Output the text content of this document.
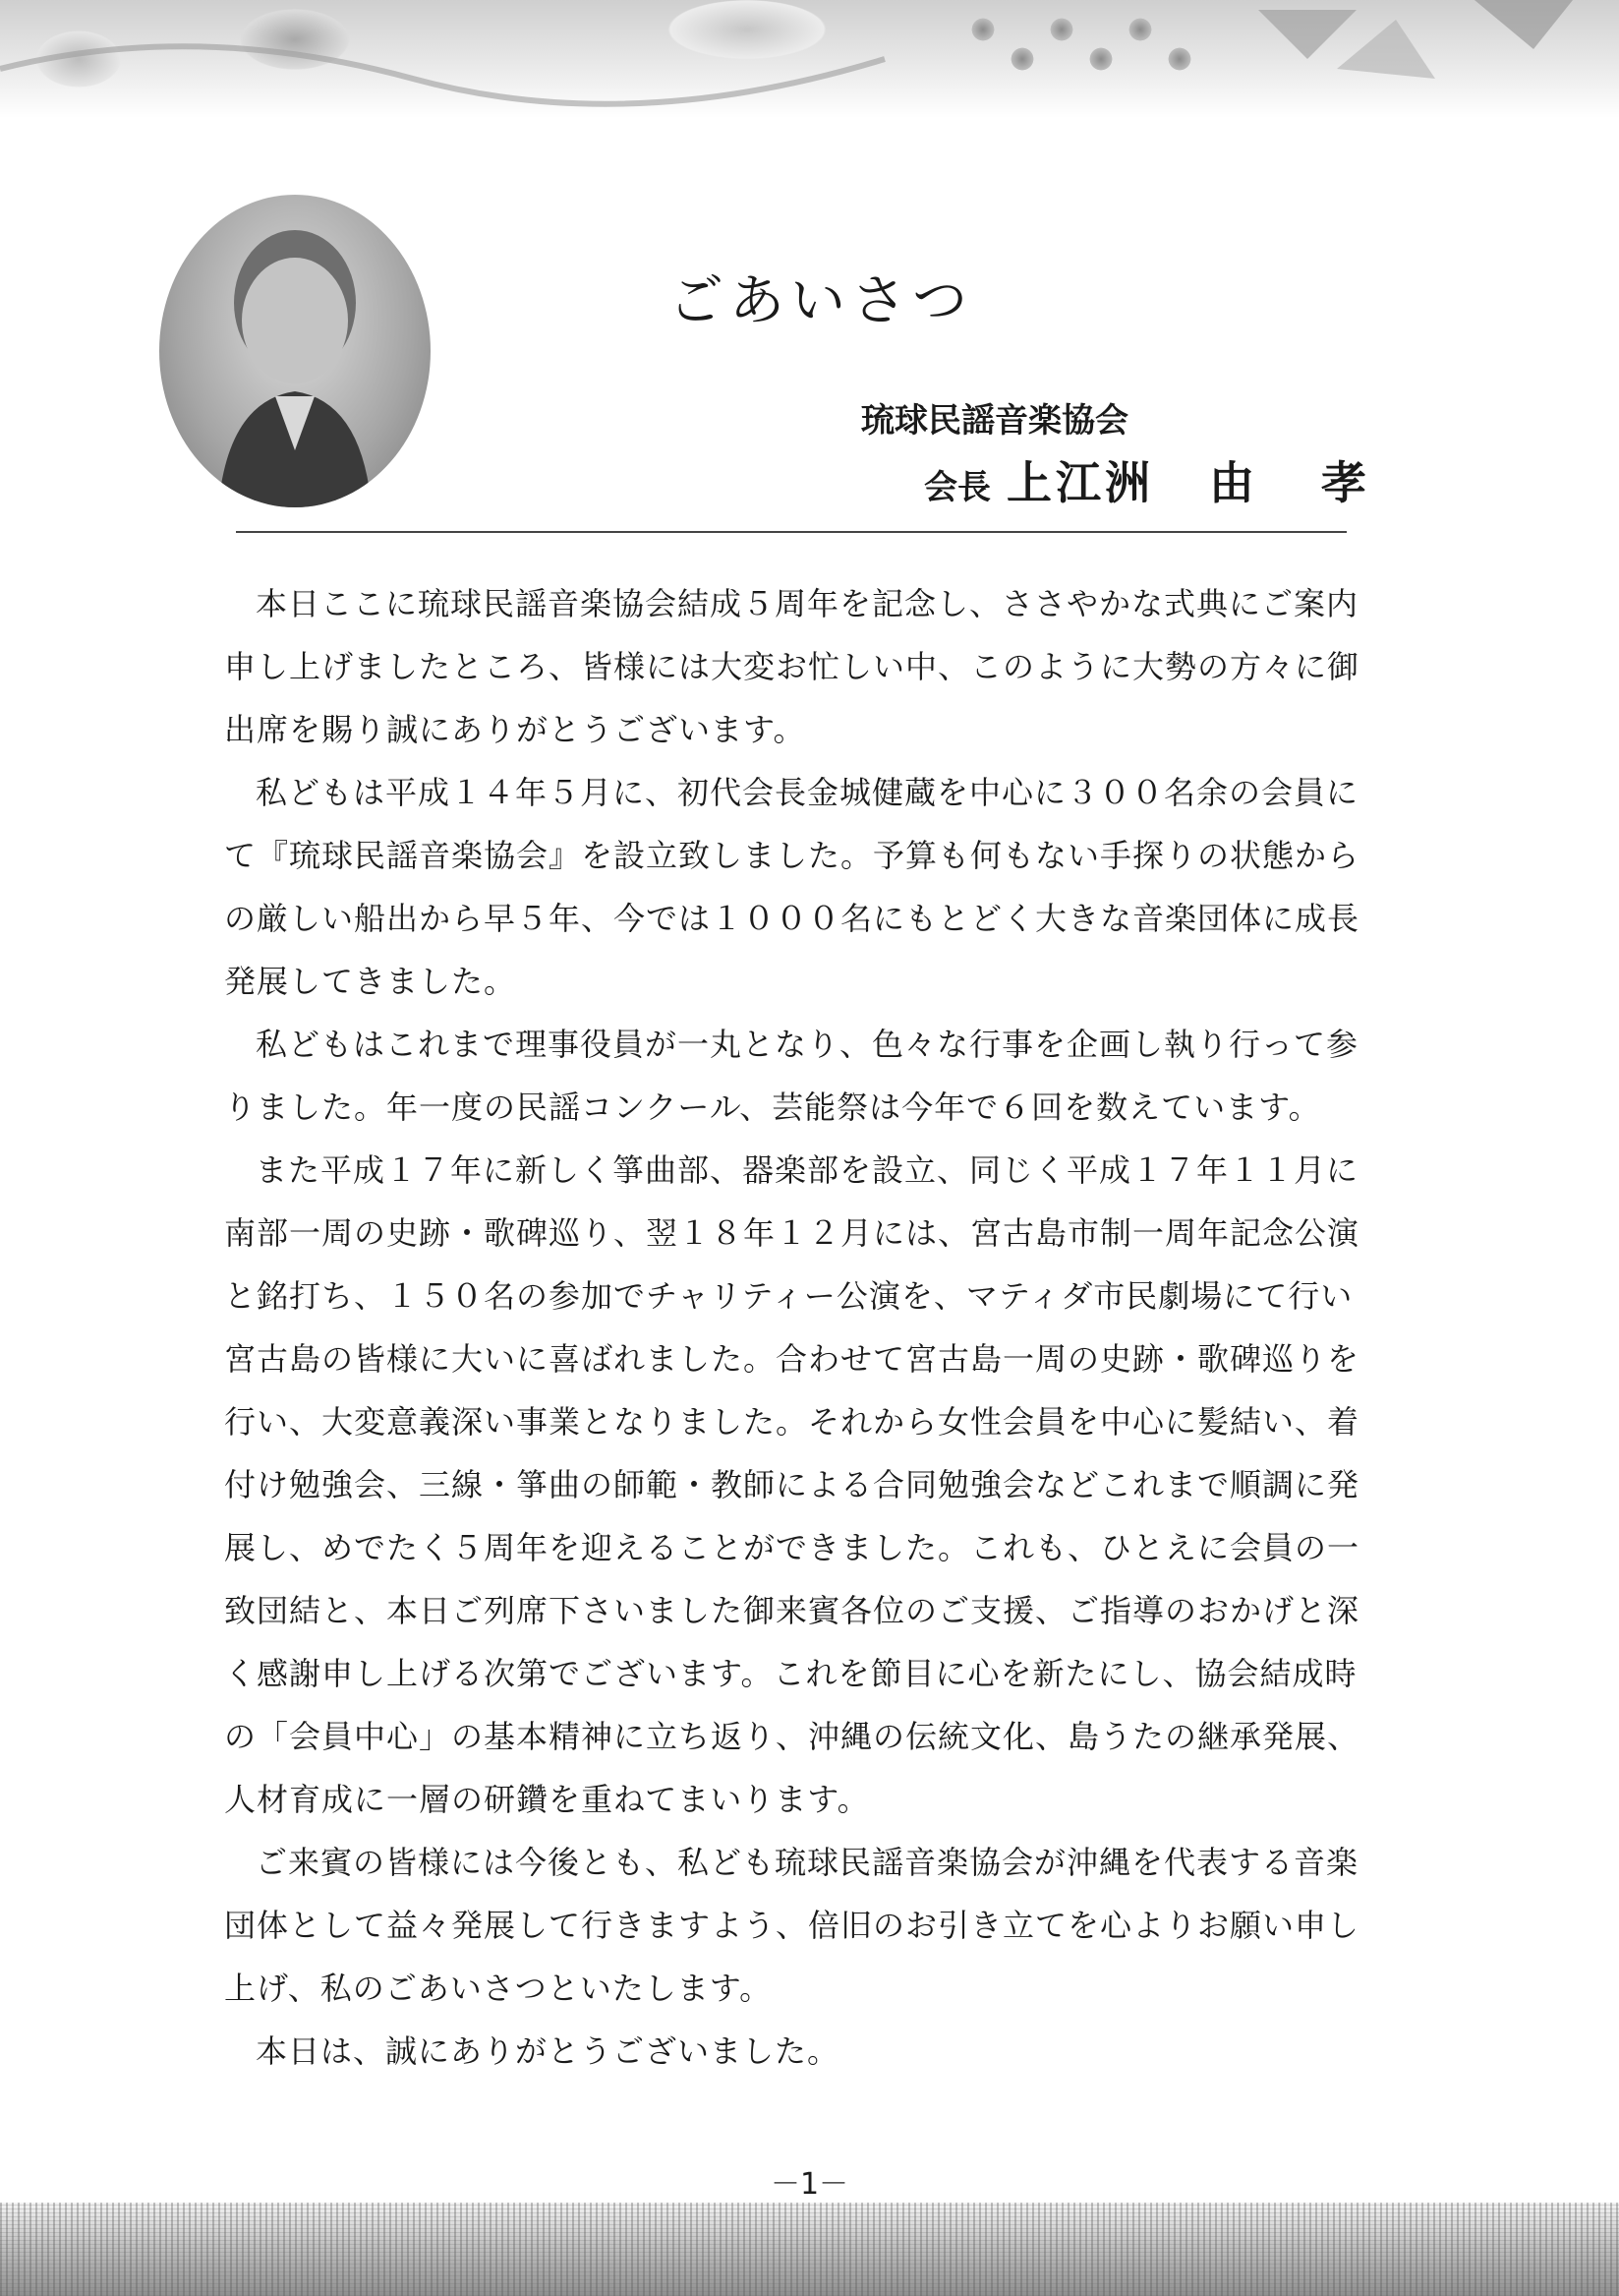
ごあいさつ
琉球民謡音楽協会
会長 上江洲 由 孝

本日ここに琉球民謡音楽協会結成５周年を記念し、ささやかな式典にご案内申し上げましたところ、皆様には大変お忙しい中、このように大勢の方々に御出席を賜り誠にありがとうございます。

私どもは平成１４年５月に、初代会長金城健蔵を中心に３００名余の会員にて『琉球民謡音楽協会』を設立致しました。予算も何もない手探りの状態からの厳しい船出から早５年、今では１０００名にもとどく大きな音楽団体に成長発展してきました。

私どもはこれまで理事役員が一丸となり、色々な行事を企画し執り行って参りました。年一度の民謡コンクール、芸能祭は今年で６回を数えています。

また平成１７年に新しく箏曲部、器楽部を設立、同じく平成１７年１１月に南部一周の史跡・歌碑巡り、翌１８年１２月には、宮古島市制一周年記念公演と銘打ち、１５０名の参加でチャリティー公演を、マティダ市民劇場にて行い宮古島の皆様に大いに喜ばれました。合わせて宮古島一周の史跡・歌碑巡りを行い、大変意義深い事業となりました。それから女性会員を中心に髪結い、着付け勉強会、三線・箏曲の師範・教師による合同勉強会などこれまで順調に発展し、めでたく５周年を迎えることができました。これも、ひとえに会員の一致団結と、本日ご列席下さいました御来賓各位のご支援、ご指導のおかげと深く感謝申し上げる次第でございます。これを節目に心を新たにし、協会結成時の「会員中心」の基本精神に立ち返り、沖縄の伝統文化、島うたの継承発展、人材育成に一層の研鑽を重ねてまいります。

ご来賓の皆様には今後とも、私ども琉球民謡音楽協会が沖縄を代表する音楽団体として益々発展して行きますよう、倍旧のお引き立てを心よりお願い申し上げ、私のごあいさつといたします。

本日は、誠にありがとうございました。

－1－
